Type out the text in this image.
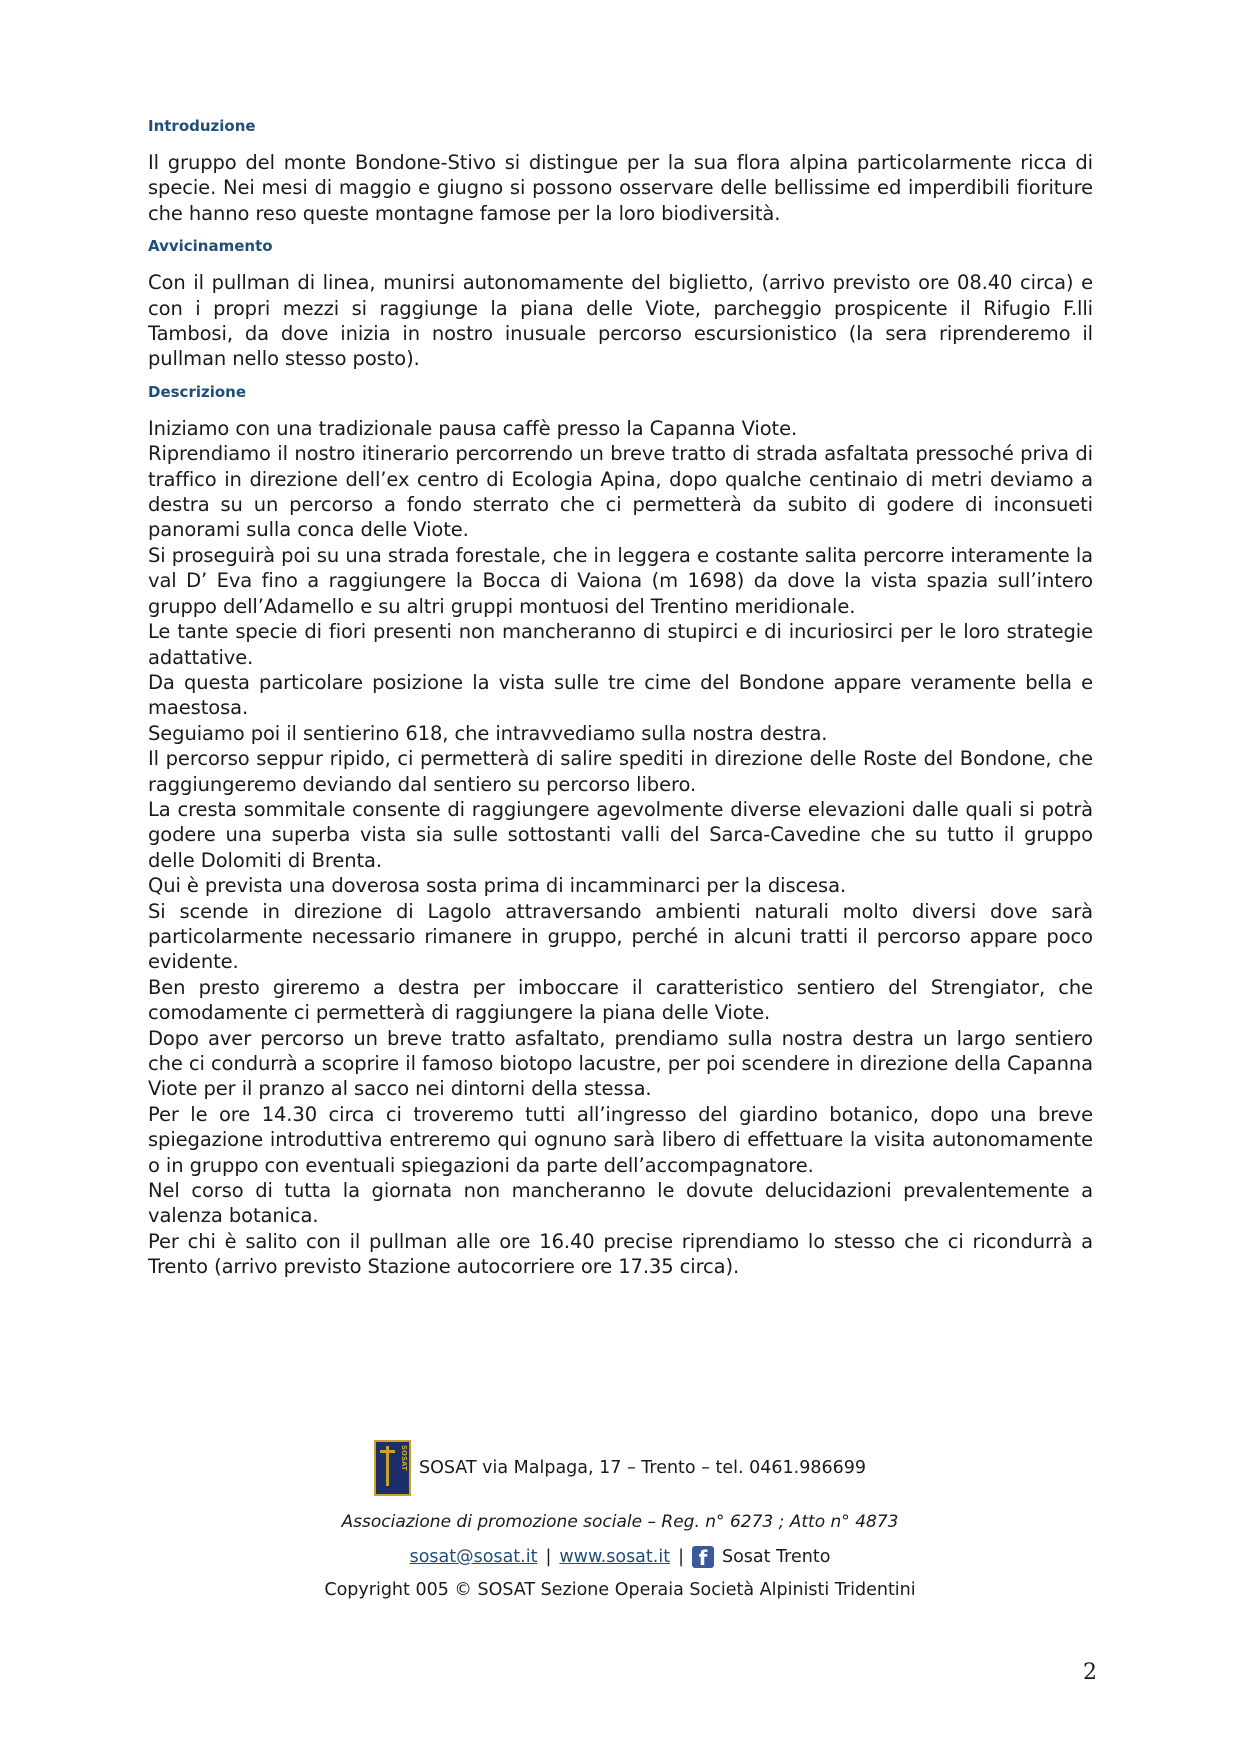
Introduzione

Il gruppo del monte Bondone-Stivo si distingue per la sua flora alpina particolarmente ricca di specie. Nei mesi di maggio e giugno si possono osservare delle bellissime ed imperdibili fioriture che hanno reso queste montagne famose per la loro biodiversità.

Avvicinamento

Con il pullman di linea, munirsi autonomamente del biglietto, (arrivo previsto ore 08.40 circa) e con i propri mezzi si raggiunge la piana delle Viote, parcheggio prospicente il Rifugio F.lli Tambosi, da dove inizia in nostro inusuale percorso escursionistico (la sera riprenderemo il pullman nello stesso posto).

Descrizione

Iniziamo con una tradizionale pausa caffè presso la Capanna Viote.

Riprendiamo il nostro itinerario percorrendo un breve tratto di strada asfaltata pressoché priva di traffico in direzione dell’ex centro di Ecologia Apina, dopo qualche centinaio di metri deviamo a destra su un percorso a fondo sterrato che ci permetterà da subito di godere di inconsueti panorami sulla conca delle Viote.

Si proseguirà poi su una strada forestale, che in leggera e costante salita percorre interamente la val D’ Eva fino a raggiungere la Bocca di Vaiona (m 1698) da dove la vista spazia sull’intero gruppo dell’Adamello e su altri gruppi montuosi del Trentino meridionale.

Le tante specie di fiori presenti non mancheranno di stupirci e di incuriosirci per le loro strategie adattative.

Da questa particolare posizione la vista sulle tre cime del Bondone appare veramente bella e maestosa.

Seguiamo poi il sentierino 618, che intravvediamo sulla nostra destra.

Il percorso seppur ripido, ci permetterà di salire spediti in direzione delle Roste del Bondone, che raggiungeremo deviando dal sentiero su percorso libero.

La cresta sommitale consente di raggiungere agevolmente diverse elevazioni dalle quali si potrà godere una superba vista sia sulle sottostanti valli del Sarca-Cavedine che su tutto il gruppo delle Dolomiti di Brenta.

Qui è prevista una doverosa sosta prima di incamminarci per la discesa.

Si scende in direzione di Lagolo attraversando ambienti naturali molto diversi dove sarà particolarmente necessario rimanere in gruppo, perché in alcuni tratti il percorso appare poco evidente.

Ben presto gireremo a destra per imboccare il caratteristico sentiero del Strengiator, che comodamente ci permetterà di raggiungere la piana delle Viote.

Dopo aver percorso un breve tratto asfaltato, prendiamo sulla nostra destra un largo sentiero che ci condurrà a scoprire il famoso biotopo lacustre, per poi scendere in direzione della Capanna Viote per il pranzo al sacco nei dintorni della stessa.

Per le ore 14.30 circa ci troveremo tutti all’ingresso del giardino botanico, dopo una breve spiegazione introduttiva entreremo qui ognuno sarà libero di effettuare la visita autonomamente o in gruppo con eventuali spiegazioni da parte dell’accompagnatore.

Nel corso di tutta la giornata non mancheranno le dovute delucidazioni prevalentemente a valenza botanica.

Per chi è salito con il pullman alle ore 16.40 precise riprendiamo lo stesso che ci ricondurrà a Trento (arrivo previsto Stazione autocorriere ore 17.35 circa).

SOSAT SOSAT via Malpaga, 17 – Trento – tel. 0461.986699
Associazione di promozione sociale – Reg. n° 6273 ; Atto n° 4873
sosat@sosat.it | www.sosat.it | f Sosat Trento
Copyright 005 © SOSAT Sezione Operaia Società Alpinisti Tridentini
2
